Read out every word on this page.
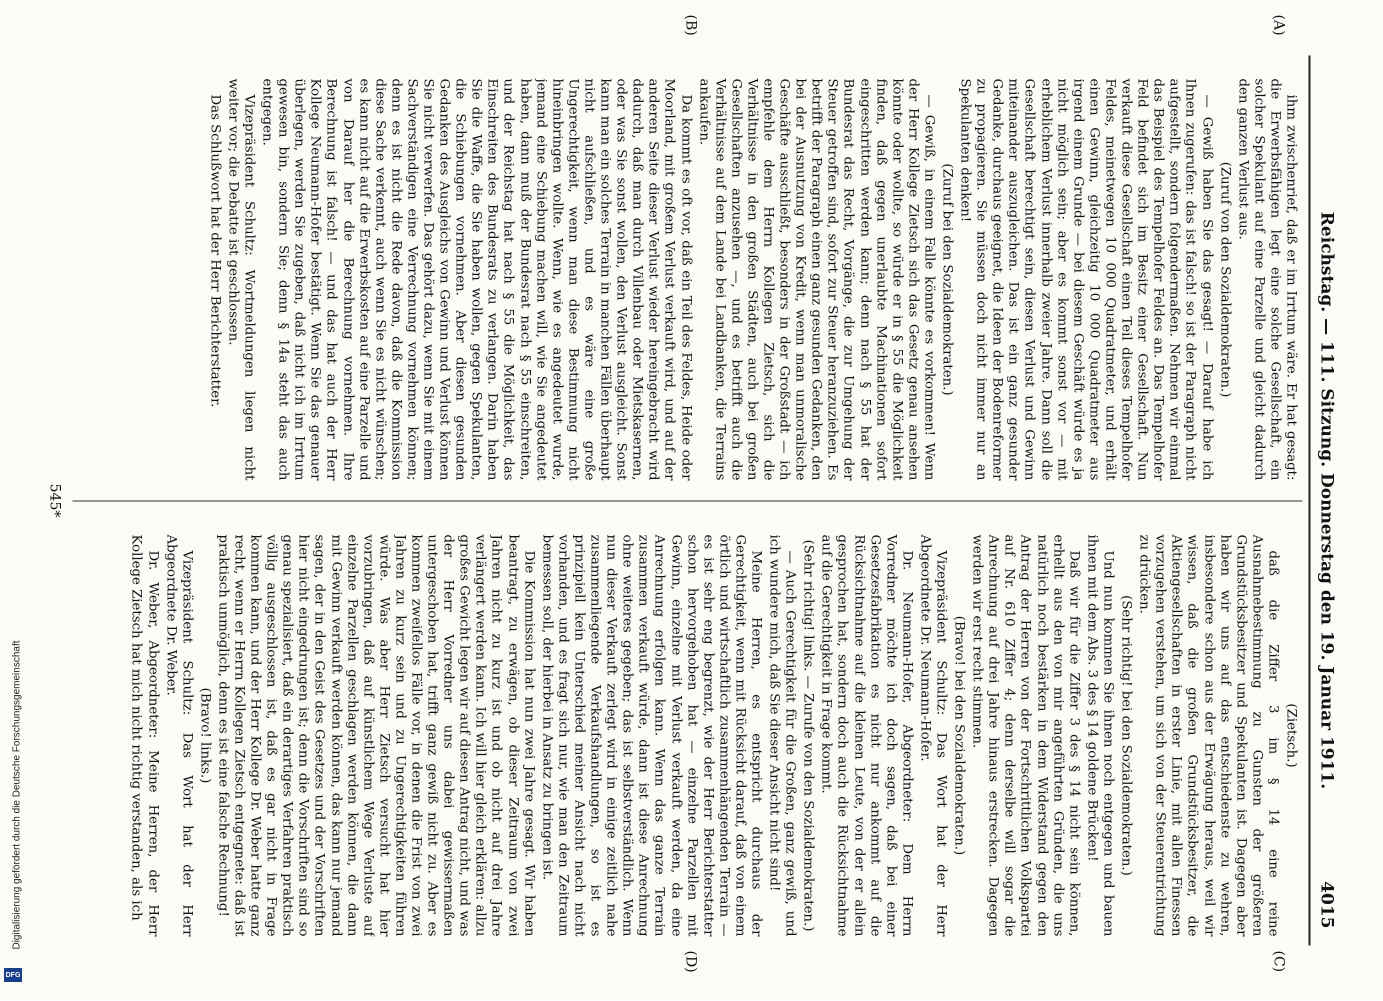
Reichstag. — 111. Sitzung. Donnerstag den 19. Januar 1911.
4015
(A)
(B)
(C)
(D)

(Zietsch.)

daß die Ziffer 3 im § 14 eine reine Ausnahmebestimmung zu Gunsten der größeren Grundstücksbesitzer und Spekulanten ist. Dagegen aber haben wir uns auf das entschiedenste zu wehren, insbesondere schon aus der Erwägung heraus, weil wir wissen, daß die großen Grundstücksbesitzer, die Aktiengesellschaften in erster Linie, mit allen Finessen vorzugehen verstehen, um sich von der Steuerentrichtung zu drücken.

(Sehr richtig! bei den Sozialdemokraten.)

Und nun kommen Sie ihnen noch entgegen und bauen ihnen mit dem Abs. 3 des § 14 goldene Brücken!

Daß wir für die Ziffer 3 des § 14 nicht sein können, erhellt aus den von mir angeführten Gründen, die uns natürlich noch bestärken in dem Widerstand gegen den Antrag der Herren von der Fortschrittlichen Volkspartei auf Nr. 610 Ziffer 4; denn derselbe will sogar die Anrechnung auf drei Jahre hinaus erstrecken. Dagegen werden wir erst recht stimmen.

(Bravo! bei den Sozialdemokraten.)

Vizepräsident Schultz: Das Wort hat der Herr Abgeordnete Dr. Neumann-Hofer.

Dr. Neumann-Hofer, Abgeordneter: Dem Herrn Vorredner möchte ich doch sagen, daß bei einer Gesetzesfabrikation es nicht nur ankommt auf die Rücksichtnahme auf die kleinen Leute, von der er allein gesprochen hat, sondern doch auch die Rücksichtnahme auf die Gerechtigkeit in Frage kommt.

(Sehr richtig! links. — Zurufe von den Sozialdemokraten.)

— Auch Gerechtigkeit für die Großen, ganz gewiß, und ich wundere mich, daß Sie dieser Ansicht nicht sind!

Meine Herren, es entspricht durchaus der Gerechtigkeit, wenn mit Rücksicht darauf, daß von einem örtlich und wirtschaftlich zusammenhängenden Terrain — es ist sehr eng begrenzt, wie der Herr Berichterstatter schon hervorgehoben hat — einzelne Parzellen mit Gewinn, einzelne mit Verlust verkauft werden, da eine Anrechnung erfolgen kann. Wenn das ganze Terrain zusammen verkauft würde, dann ist diese Anrechnung ohne weiteres gegeben; das ist selbstverständlich. Wenn nun dieser Verkauft zerlegt wird in einige zeitlich nahe zusammenliegende Verkaufshandlungen, so ist es prinzipiell kein Unterschied meiner Ansicht nach nicht vorhanden, und es fragt sich nur, wie man den Zeitraum bemessen soll, der hierbei in Ansatz zu bringen ist.

Die Kommission hat nun zwei Jahre gesagt. Wir haben beantragt, zu erwägen, ob dieser Zeitraum von zwei Jahren nicht zu kurz ist und ob nicht auf drei Jahre verlängert werden kann. Ich will hier gleich erklären: allzu großes Gewicht legen wir auf diesen Antrag nicht, und was der Herr Vorredner uns dabei gewissermaßen untergeschoben hat, trifft ganz gewiß nicht zu. Aber es kommen zweifellos Fälle vor, in denen die Frist von zwei Jahren zu kurz sein und zu Ungerechtigkeiten führen würde. Was aber Herr Zietsch versucht hat hier vorzubringen, daß auf künstlichem Wege Verluste auf einzelne Parzellen geschlagen werden können, die dann mit Gewinn verkauft werden können, das kann nur jemand sagen, der in den Geist des Gesetzes und der Vorschriften hier nicht eingedrungen ist; denn die Vorschriften sind so genau spezialisiert, daß ein derartiges Verfahren praktisch völlig ausgeschlossen ist, daß es gar nicht in Frage kommen kann, und der Herr Kollege Dr. Weber hatte ganz recht, wenn er Herrn Kollegen Zietsch entgegnete: daß ist praktisch unmöglich, denn es ist eine falsche Rechnung!

(Bravo! links.)

Vizepräsident Schultz: Das Wort hat der Herr Abgeordnete Dr. Weber.

Dr. Weber, Abgeordneter: Meine Herren, der Herr Kollege Zietsch hat mich nicht richtig verstanden, als ich

ihm zwischenrief, daß er im Irrtum wäre. Er hat gesagt: die Erwerbsfähigen legt eine solche Gesellschaft, ein solcher Spekulant auf eine Parzelle und gleicht dadurch den ganzen Verlust aus.

(Zuruf von den Sozialdemokraten.)

— Gewiß haben Sie das gesagt! — Darauf habe ich Ihnen zugerufen: das ist falsch! so ist der Paragraph nicht aufgestellt, sondern folgendermaßen. Nehmen wir einmal das Beispiel des Tempelhofer Feldes an. Das Tempelhofer Feld befindet sich im Besitz einer Gesellschaft. Nun verkauft diese Gesellschaft einen Teil dieses Tempelhofer Feldes, meinetwegen 10 000 Quadratmeter, und erhält einen Gewinn, gleichzeitig 10 000 Quadratmeter aus irgend einem Grunde — bei diesem Geschäft würde es ja nicht möglich sein; aber es kommt sonst vor — mit erheblichem Verlust innerhalb zweier Jahre. Dann soll die Gesellschaft berechtigt sein, diesen Verlust und Gewinn miteinander auszugleichen. Das ist ein ganz gesunder Gedanke, durchaus geeignet, die Ideen der Bodenreformer zu propagieren. Sie müssen doch nicht immer nur an Spekulanten denken!

(Zuruf bei den Sozialdemokraten.)

— Gewiß, in einem Falle könnte es vorkommen! Wenn der Herr Kollege Zietsch sich das Gesetz genau ansehen könnte oder wollte, so würde er in § 55 die Möglichkeit finden, daß gegen unerlaubte Machinationen sofort eingeschritten werden kann; denn nach § 55 hat der Bundesrat das Recht, Vorgänge, die zur Umgehung der Steuer getroffen sind, sofort zur Steuer heranzuziehen. Es betrifft der Paragraph einen ganz gesunden Gedanken, den bei der Ausnutzung von Kredit, wenn man unmoralische Geschäfte ausschließt, besonders in der Großstadt — ich empfehle dem Herrn Kollegen Zietsch, sich die Verhältnisse in den großen Städten, auch bei großen Gesellschaften anzusehen —, und es betrifft auch die Verhältnisse auf dem Lande bei Landbanken, die Terrains ankaufen.

Da kommt es oft vor, daß ein Teil des Feldes, Heide oder Moorland, mit großem Verlust verkauft wird, und auf der anderen Seite dieser Verlust wieder hereingebracht wird dadurch, daß man durch Villenbau oder Mietskasernen, oder was Sie sonst wollen, den Verlust ausgleicht. Sonst kann man ein solches Terrain in manchen Fällen überhaupt nicht aufschließen, und es wäre eine große Ungerechtigkeit, wenn man diese Bestimmung nicht hineinbringen wollte. Wenn, wie es angedeutet wurde, jemand eine Schiebung machen will, wie Sie angedeutet haben, dann muß der Bundesrat nach § 55 einschreiten, und der Reichstag hat nach § 55 die Möglichkeit, das Einschreiten des Bundesrats zu verlangen. Darin haben Sie die Waffe, die Sie haben wollen, gegen Spekulanten, die Schiebungen vornehmen. Aber diesen gesunden Gedanken des Ausgleichs von Gewinn und Verlust können Sie nicht verwerfen. Das gehört dazu, wenn Sie mit einem Sachverständigen eine Verrechnung vornehmen können; denn es ist nicht die Rede davon, daß die Kommission diese Sache verkennt, auch wenn Sie es nicht wünschen; es kann nicht auf die Erwerbskosten auf eine Parzelle und von Darauf her die Berechnung vornehmen. Ihre Berechnung ist falsch! — und das hat auch der Herr Kollege Neumann-Hofer bestätigt. Wenn Sie das genauer überlegen, werden Sie zugeben, daß nicht ich im Irrtum gewesen bin, sondern Sie; denn § 14a steht das auch entgegen.

Vizepräsident Schultz: Wortmeldungen liegen nicht weiter vor; die Debatte ist geschlossen.

Das Schlußwort hat der Herr Berichterstatter.

545*
Digitalisierung gefördert durch die Deutsche Forschungsgemeinschaft
DFG
